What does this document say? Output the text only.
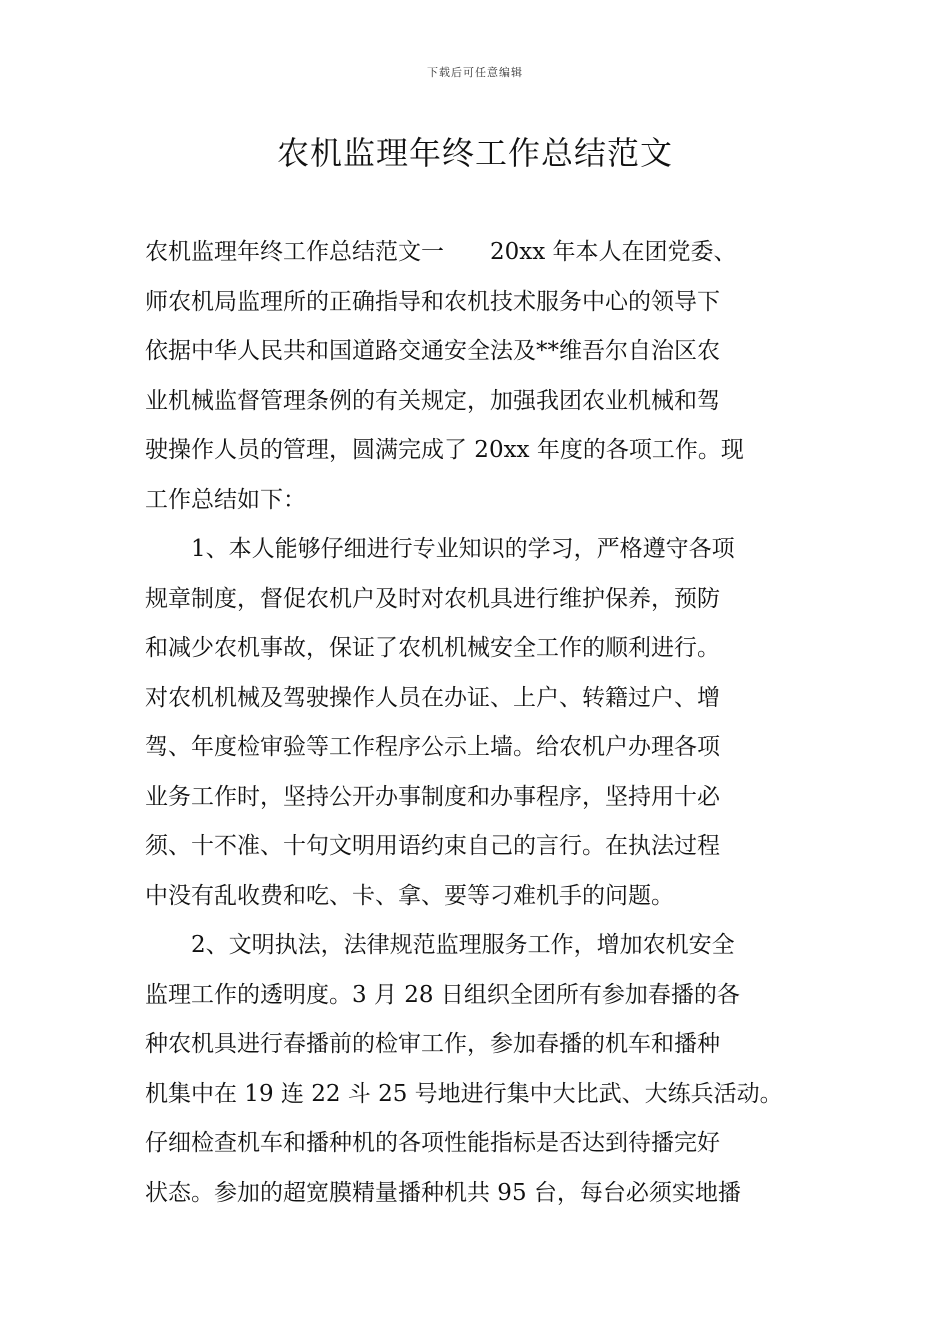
下载后可任意编辑
农机监理年终工作总结范文
农机监理年终工作总结范文一　　20xx 年本人在团党委、
师农机局监理所的正确指导和农机技术服务中心的领导下
依据中华人民共和国道路交通安全法及**维吾尔自治区农
业机械监督管理条例的有关规定，加强我团农业机械和驾
驶操作人员的管理，圆满完成了 20xx 年度的各项工作。现
工作总结如下：
1、本人能够仔细进行专业知识的学习，严格遵守各项
规章制度，督促农机户及时对农机具进行维护保养，预防
和减少农机事故，保证了农机机械安全工作的顺利进行。
对农机机械及驾驶操作人员在办证、上户、转籍过户、增
驾、年度检审验等工作程序公示上墙。给农机户办理各项
业务工作时，坚持公开办事制度和办事程序，坚持用十必
须、十不准、十句文明用语约束自己的言行。在执法过程
中没有乱收费和吃、卡、拿、要等刁难机手的问题。
2、文明执法，法律规范监理服务工作，增加农机安全
监理工作的透明度。3 月 28 日组织全团所有参加春播的各
种农机具进行春播前的检审工作，参加春播的机车和播种
机集中在 19 连 22 斗 25 号地进行集中大比武、大练兵活动。
仔细检查机车和播种机的各项性能指标是否达到待播完好
状态。参加的超宽膜精量播种机共 95 台，每台必须实地播
